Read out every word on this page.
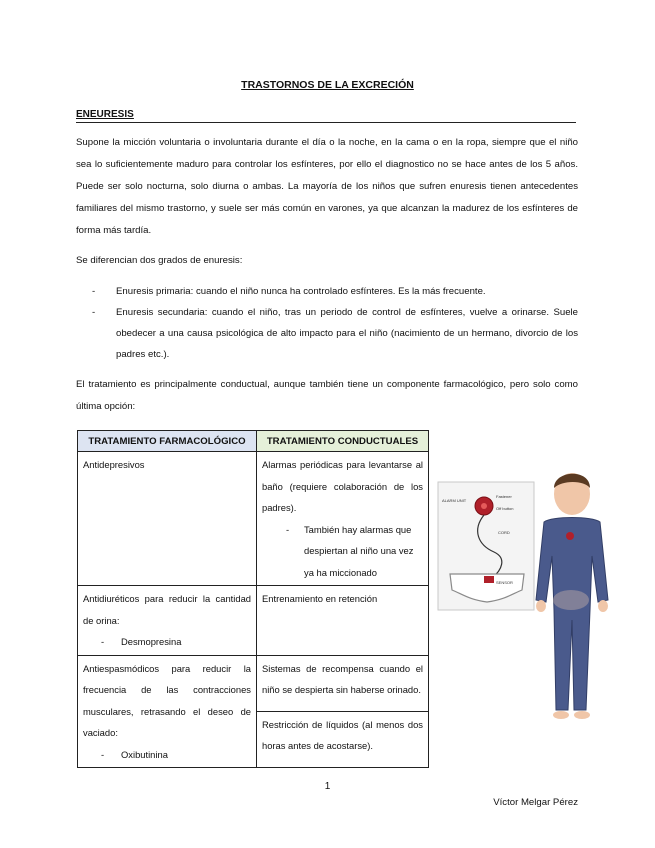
TRASTORNOS DE LA EXCRECIÓN
ENEURESIS
Supone la micción voluntaria o involuntaria durante el día o la noche, en la cama o en la ropa, siempre que el niño sea lo suficientemente maduro para controlar los esfínteres, por ello el diagnostico no se hace antes de los 5 años. Puede ser solo nocturna, solo diurna o ambas. La mayoría de los niños que sufren enuresis tienen antecedentes familiares del mismo trastorno, y suele ser más común en varones, ya que alcanzan la madurez de los esfínteres de forma más tardía.
Se diferencian dos grados de enuresis:
- Enuresis primaria: cuando el niño nunca ha controlado esfínteres. Es la más frecuente.
- Enuresis secundaria: cuando el niño, tras un periodo de control de esfínteres, vuelve a orinarse. Suele obedecer a una causa psicológica de alto impacto para el niño (nacimiento de un hermano, divorcio de los padres etc.).
El tratamiento es principalmente conductual, aunque también tiene un componente farmacológico, pero solo como última opción:
TRATAMIENTO FARMACOLÓGICO	TRATAMIENTO CONDUCTUALES
Antidepresivos	Alarmas periódicas para levantarse al baño (requiere colaboración de los padres).
- También hay alarmas que despiertan al niño una vez ya ha miccionado

Antidiuréticos para reducir la cantidad de orina:
- Desmopresina	Entrenamiento en retención

Antiespasmódicos para reducir la frecuencia de las contracciones musculares, retrasando el deseo de vaciado:
- Oxibutinina	Sistemas de recompensa cuando el niño se despierta sin haberse orinado.
	Restricción de líquidos (al menos dos horas antes de acostarse).
ALARM UNIT
Fastener
Off button
CORD
SENSOR
1
Víctor Melgar Pérez
